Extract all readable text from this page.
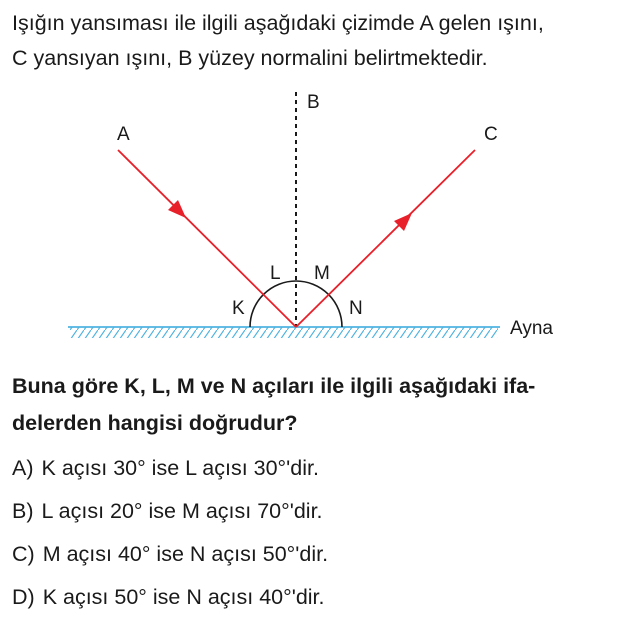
Işığın yansıması ile ilgili aşağıdaki çizimde A gelen ışını,
C yansıyan ışını, B yüzey normalini belirtmektedir.

A
B
C
K
L M
N
Ayna

Buna göre K, L, M ve N açıları ile ilgili aşağıdaki ifa-
delerden hangisi doğrudur?

A) K açısı 30° ise L açısı 30°'dir.
B) L açısı 20° ise M açısı 70°'dir.
C) M açısı 40° ise N açısı 50°'dir.
D) K açısı 50° ise N açısı 40°'dir.
